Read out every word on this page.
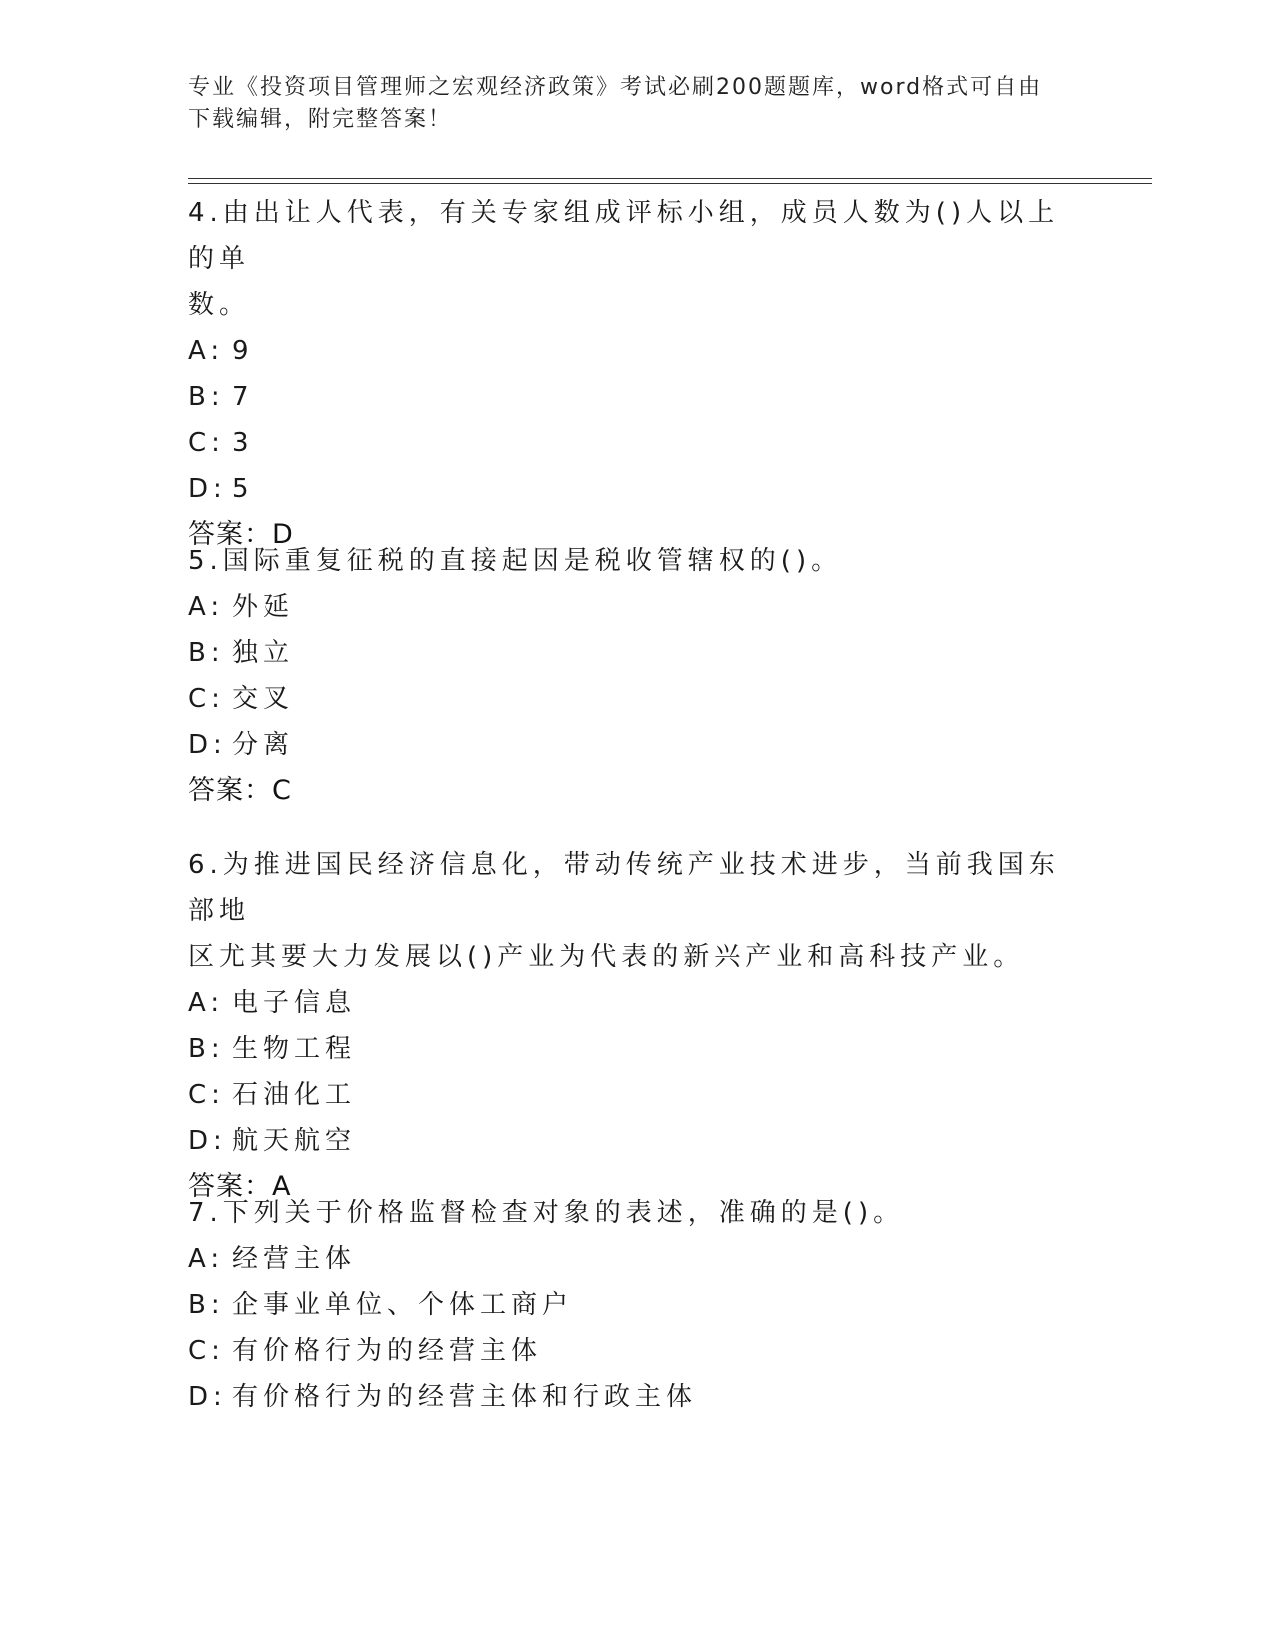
专业《投资项目管理师之宏观经济政策》考试必刷200题题库，word格式可自由
下载编辑，附完整答案！
4.由出让人代表，有关专家组成评标小组，成员人数为()人以上的单
数。
A: 9
B: 7
C: 3
D: 5
答案：D
5.国际重复征税的直接起因是税收管辖权的()。
A: 外延
B: 独立
C: 交叉
D: 分离
答案：C
6.为推进国民经济信息化，带动传统产业技术进步，当前我国东部地
区尤其要大力发展以()产业为代表的新兴产业和高科技产业。
A: 电子信息
B: 生物工程
C: 石油化工
D: 航天航空
答案：A
7.下列关于价格监督检查对象的表述，准确的是()。
A: 经营主体
B: 企事业单位、个体工商户
C: 有价格行为的经营主体
D: 有价格行为的经营主体和行政主体
